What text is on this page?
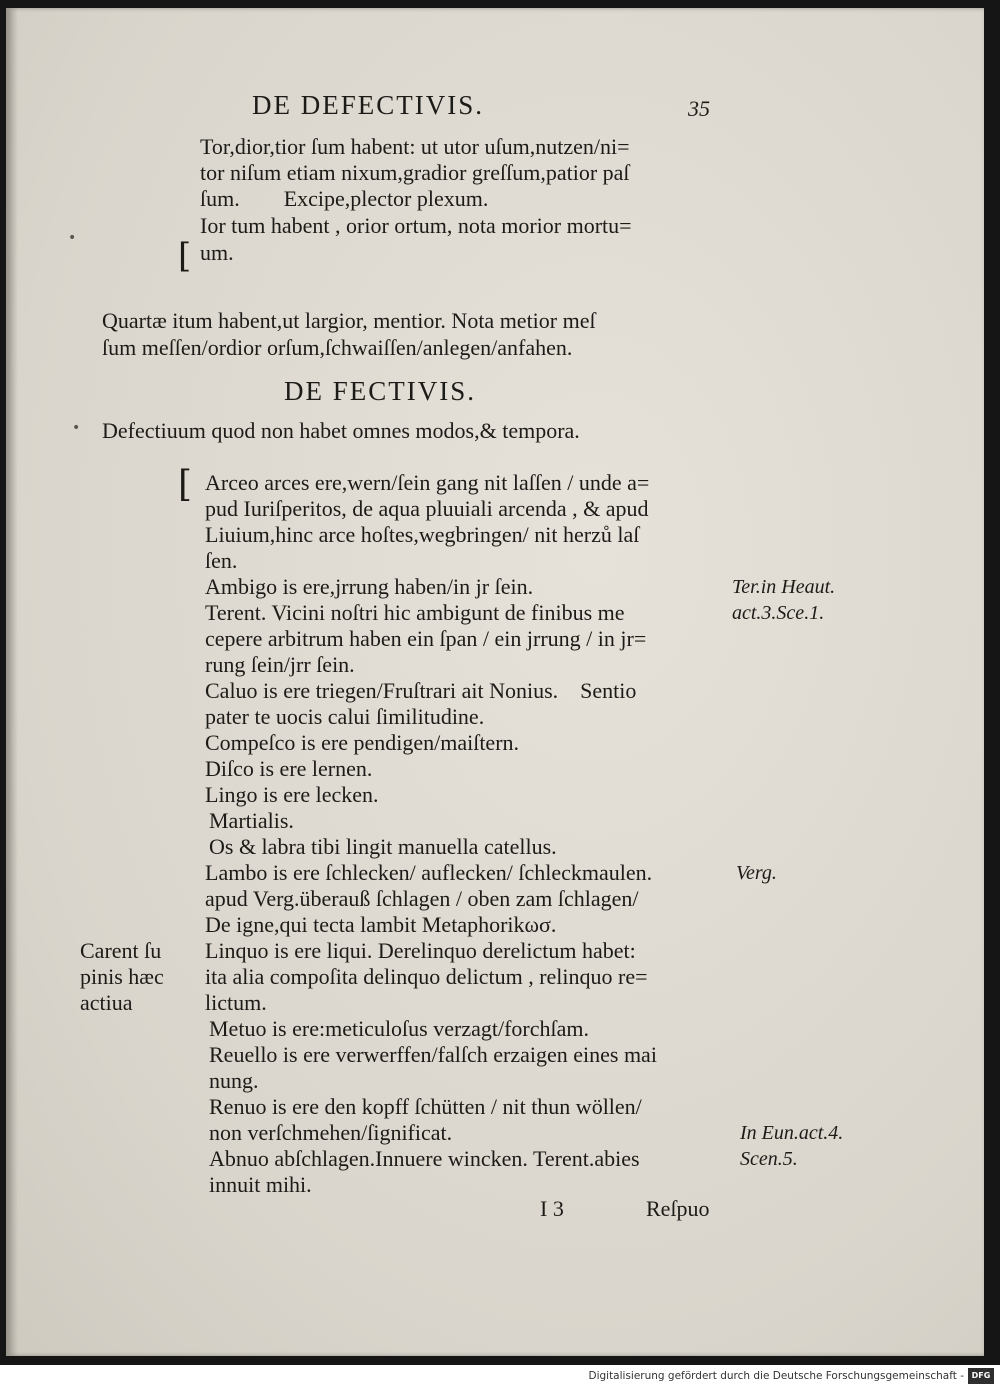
DE DEFECTIVIS.	35
Tor,dior,tior ſum habent: ut utor uſum,nutzen/ni=
tor niſum etiam nixum,gradior greſſum,patior paſ
ſum.        Excipe,plector plexum.
Ior tum habent , orior ortum, nota morior mortu=
[ um.
•
Quartæ itum habent,ut largior, mentior. Nota metior meſ
ſum meſſen/ordior orſum,ſchwaiſſen/anlegen/anfahen.
DE FECTIVIS.
• Defectiuum quod non habet omnes modos,& tempora.
[ Arceo arces ere,wern/ſein gang nit laſſen / unde a=
pud Iuriſperitos, de aqua pluuiali arcenda , & apud
Liuium,hinc arce hoſtes,wegbringen/ nit herzů laſ
ſen.
Ambigo is ere,jrrung haben/in jr ſein.
Terent. Vicini noſtri hic ambigunt de finibus me
cepere arbitrum haben ein ſpan / ein jrrung / in jr=
rung ſein/jrr ſein.
Caluo is ere triegen/Fruſtrari ait Nonius.    Sentio
pater te uocis calui ſimilitudine.
Compeſco is ere pendigen/maiſtern.
Diſco is ere lernen.
Lingo is ere lecken.
Martialis.
Os & labra tibi lingit manuella catellus.
Lambo is ere ſchlecken/ auflecken/ ſchleckmaulen.
apud Verg.überauß ſchlagen / oben zam ſchlagen/
De igne,qui tecta lambit Metaphorikωσ.
Linquo is ere liqui. Derelinquo derelictum habet:
ita alia compoſita delinquo delictum , relinquo re=
lictum.
Metuo is ere:meticuloſus verzagt/forchſam.
Reuello is ere verwerffen/falſch erzaigen eines mai
nung.
Renuo is ere den kopff ſchütten / nit thun wöllen/
non verſchmehen/ſignificat.
Abnuo abſchlagen.Innuere wincken. Terent.abies
innuit mihi.
Carent ſu
pinis hæc
actiua
Ter.in Heaut.
act.3.Sce.1.
Verg.
In Eun.act.4.
Scen.5.
I 3	Reſpuo
Digitalisierung gefördert durch die Deutsche Forschungsgemeinschaft - DFG
